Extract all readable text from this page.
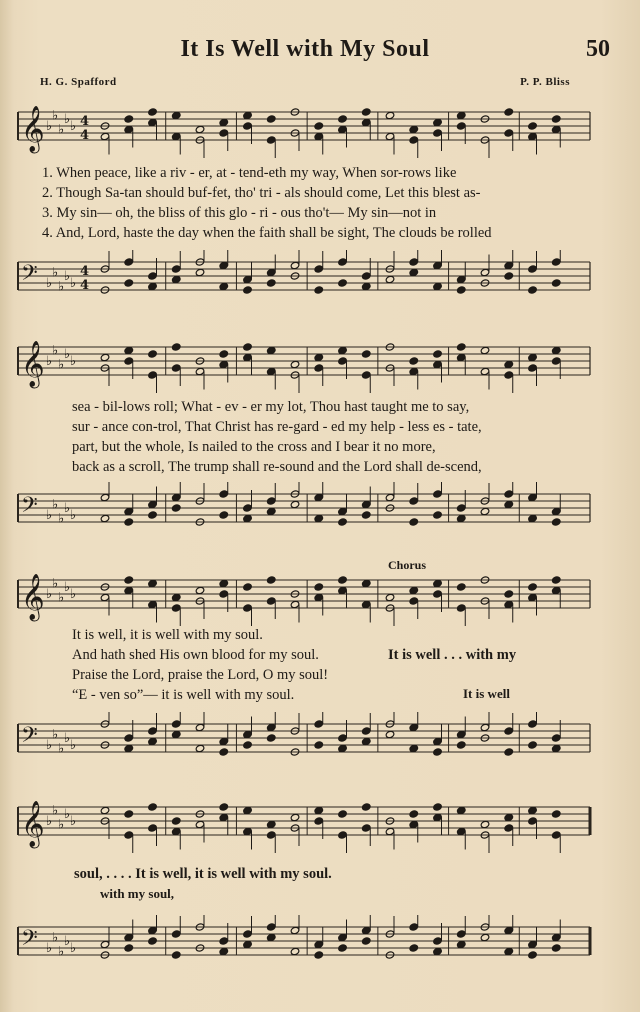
It Is Well with My Soul	50
H. G. Spafford	P. P. Bliss
𝄞 ♭
♭
♭
♭ ♭ 4
4
1. When peace, like a riv - er, at - tend-eth my way, When sor-rows like
2. Though Sa-tan should buf-fet, tho' tri - als should come, Let this blest as-
3. My sin— oh, the bliss of this glo - ri - ous tho't— My sin—not in
4. And, Lord, haste the day when the faith shall be sight, The clouds be rolled
𝄢 ♭
♭
♭
♭ ♭
4
4
𝄞 ♭
♭
♭
♭ ♭
sea - bil-lows roll; What - ev - er my lot, Thou hast taught me to say,
sur - ance con-trol, That Christ has re-gard - ed my help - less es - tate,
part, but the whole, Is nailed to the cross and I bear it no more,
back as a scroll, The trump shall re-sound and the Lord shall de-scend,
𝄢 ♭
♭
♭
♭ ♭
Chorus
𝄞 ♭
♭
♭
♭ ♭
It is well, it is well with my soul.
And hath shed His own blood for my soul.
Praise the Lord, praise the Lord, O my soul!
“E - ven so”— it is well with my soul.
It is well . . . with my
It is well
𝄢 ♭
♭
♭
♭ ♭
𝄞 ♭
♭
♭
♭ ♭
soul, . . . . It is well, it is well with my soul.
with my soul,
𝄢 ♭
♭
♭
♭ ♭
